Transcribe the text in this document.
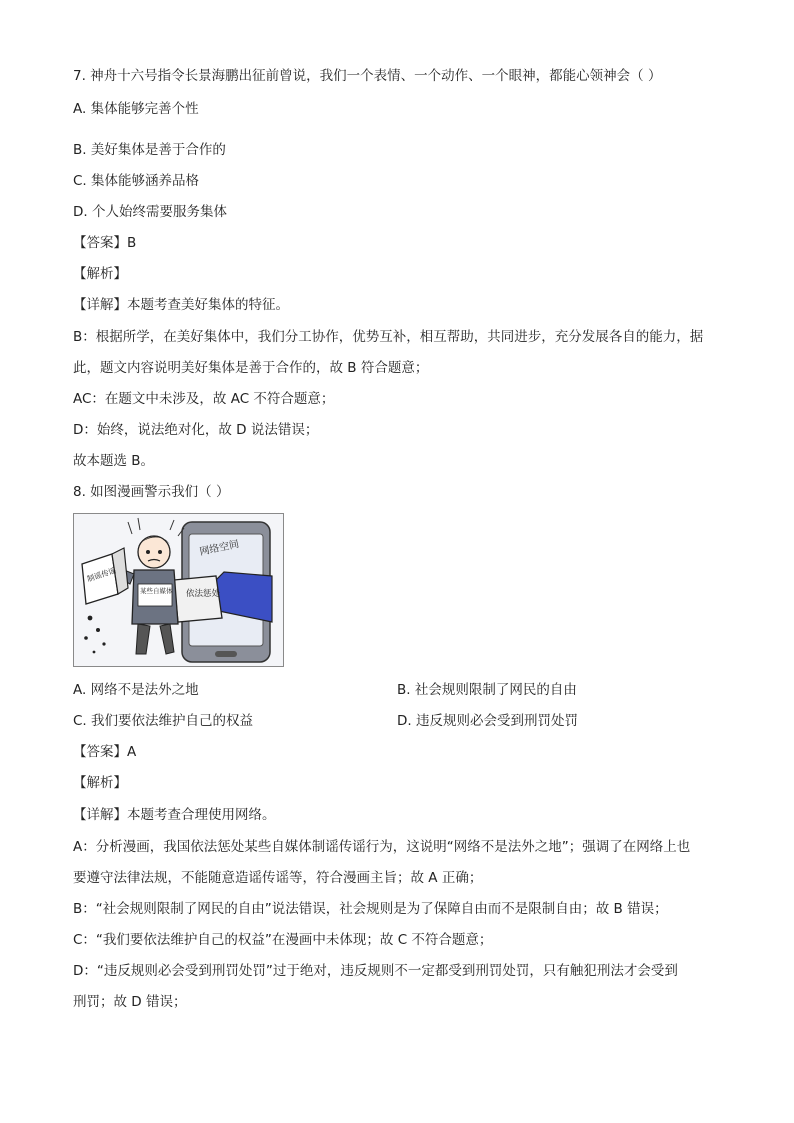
7. 神舟十六号指令长景海鹏出征前曾说，我们一个表情、一个动作、一个眼神，都能心领神会（ ）
A. 集体能够完善个性
B. 美好集体是善于合作的
C. 集体能够涵养品格
D. 个人始终需要服务集体
【答案】B
【解析】
【详解】本题考查美好集体的特征。
B：根据所学，在美好集体中，我们分工协作，优势互补，相互帮助，共同进步，充分发展各自的能力，据
此，题文内容说明美好集体是善于合作的，故 B 符合题意；
AC：在题文中未涉及，故 AC 不符合题意；
D：始终，说法绝对化，故 D 说法错误；
故本题选 B。
8. 如图漫画警示我们（ ）
网络空间
依法惩处
某些自媒体
制谣传谣
A. 网络不是法外之地	B. 社会规则限制了网民的自由
C. 我们要依法维护自己的权益	D. 违反规则必会受到刑罚处罚
【答案】A
【解析】
【详解】本题考查合理使用网络。
A：分析漫画，我国依法惩处某些自媒体制谣传谣行为，这说明“网络不是法外之地”；强调了在网络上也
要遵守法律法规，不能随意造谣传谣等，符合漫画主旨；故 A 正确；
B：“社会规则限制了网民的自由”说法错误，社会规则是为了保障自由而不是限制自由；故 B 错误；
C：“我们要依法维护自己的权益”在漫画中未体现；故 C 不符合题意；
D：“违反规则必会受到刑罚处罚”过于绝对，违反规则不一定都受到刑罚处罚，只有触犯刑法才会受到
刑罚；故 D 错误；
